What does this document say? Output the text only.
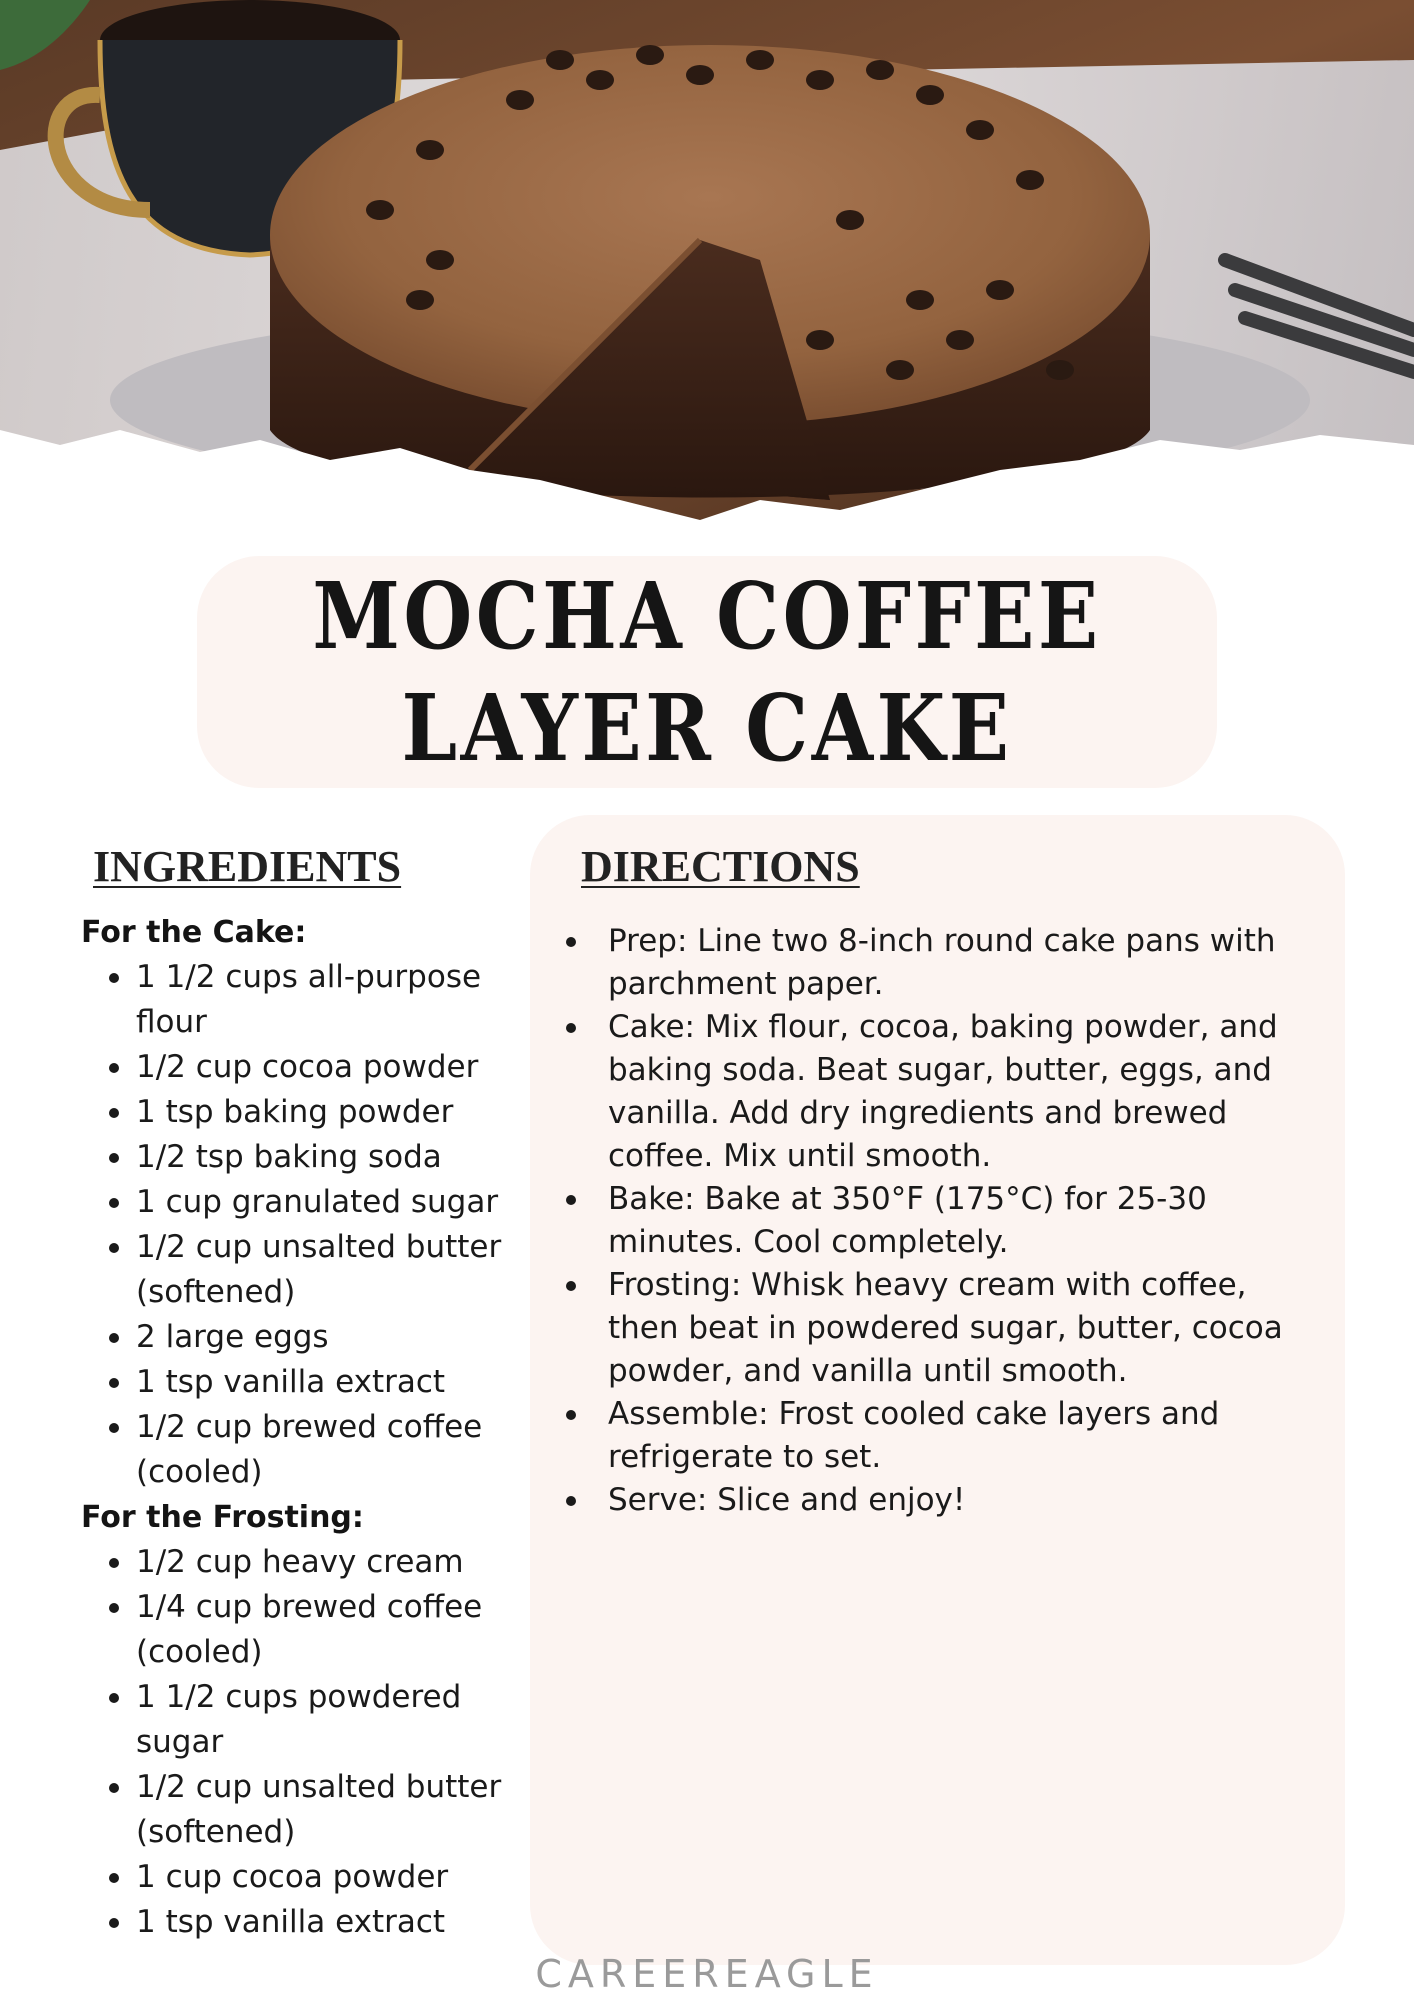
MOCHA COFFEE LAYER CAKE
INGREDIENTS	DIRECTIONS
For the Cake:
1 1/2 cups all-purpose flour
1/2 cup cocoa powder
1 tsp baking powder
1/2 tsp baking soda
1 cup granulated sugar
1/2 cup unsalted butter (softened)
2 large eggs
1 tsp vanilla extract
1/2 cup brewed coffee (cooled)
For the Frosting:
1/2 cup heavy cream
1/4 cup brewed coffee (cooled)
1 1/2 cups powdered sugar
1/2 cup unsalted butter (softened)
1 cup cocoa powder
1 tsp vanilla extract
Prep: Line two 8-inch round cake pans with parchment paper.
Cake: Mix flour, cocoa, baking powder, and baking soda. Beat sugar, butter, eggs, and vanilla. Add dry ingredients and brewed coffee. Mix until smooth.
Bake: Bake at 350°F (175°C) for 25-30 minutes. Cool completely.
Frosting: Whisk heavy cream with coffee, then beat in powdered sugar, butter, cocoa powder, and vanilla until smooth.
Assemble: Frost cooled cake layers and refrigerate to set.
Serve: Slice and enjoy!
CAREEREAGLE
